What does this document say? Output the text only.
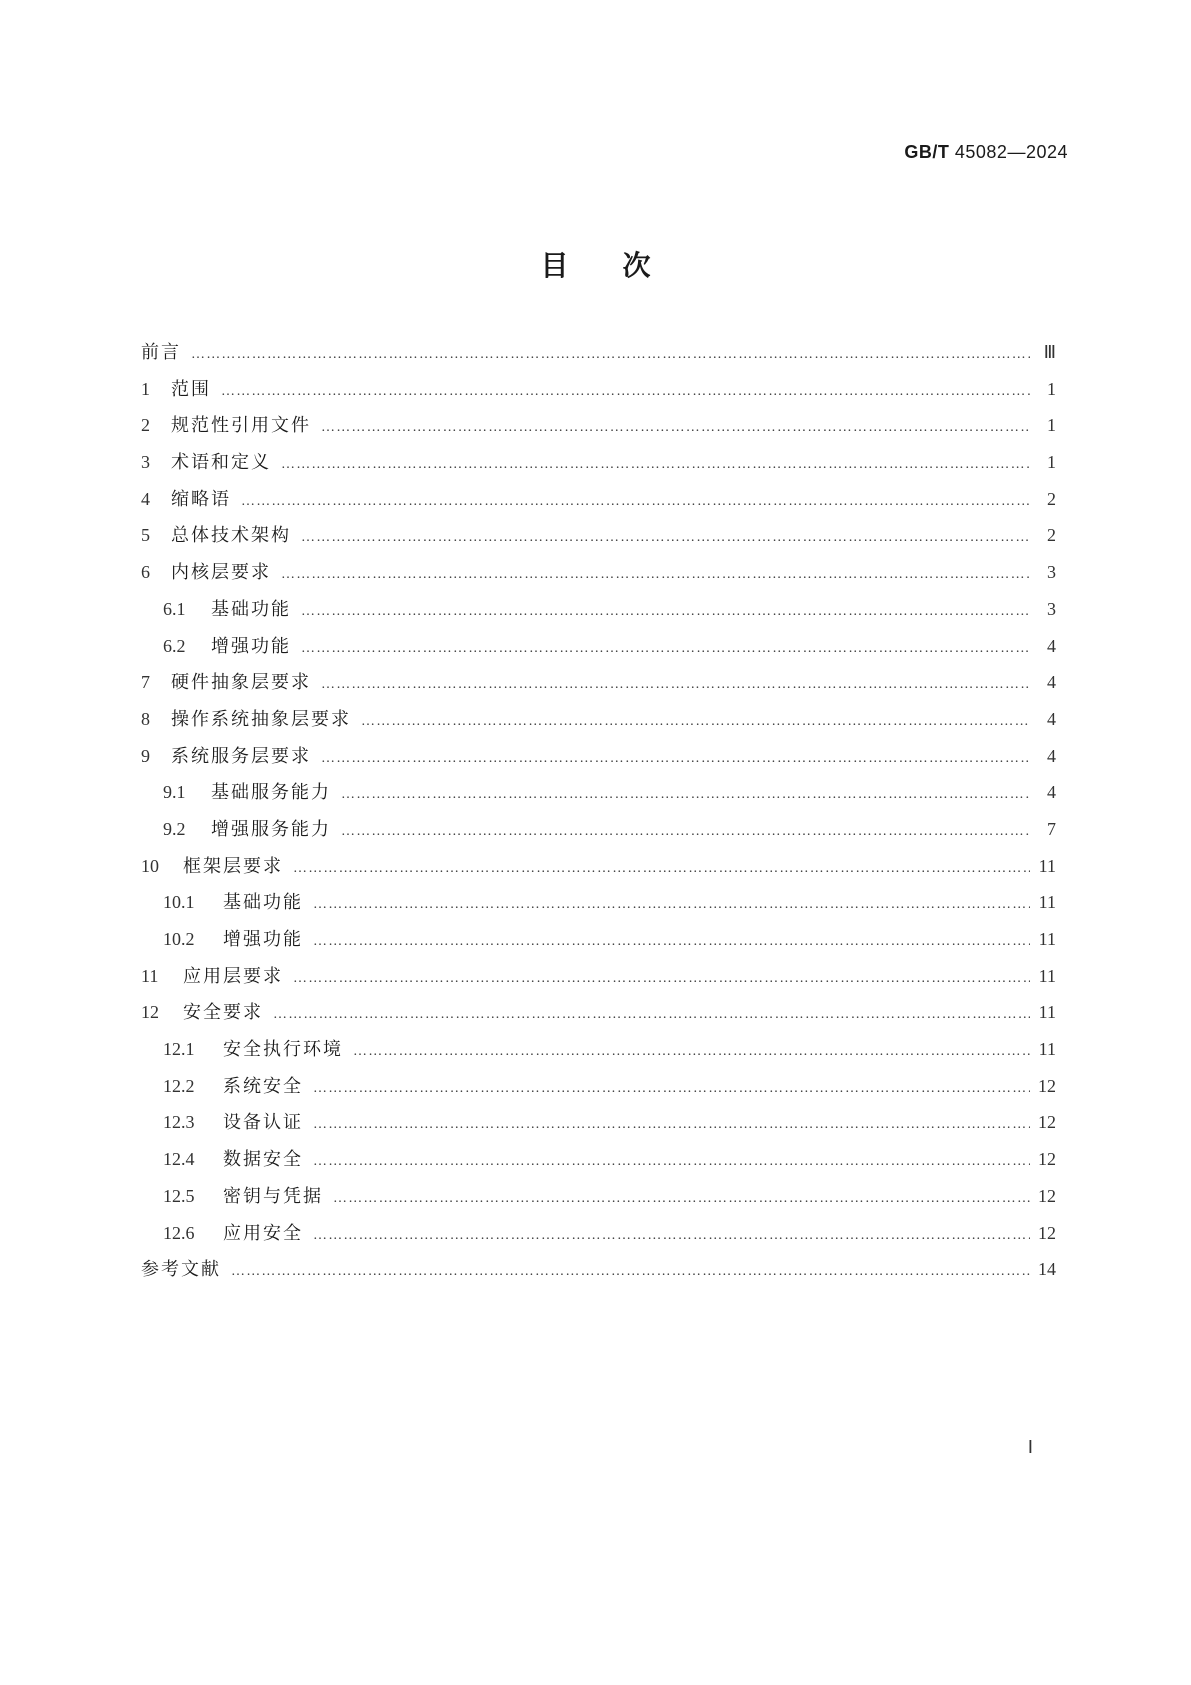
GB/T 45082—2024
目次
前言 …………………………………………………………………………………………………………………………………………………………………………………………………………………………	Ⅲ
1	范围 …………………………………………………………………………………………………………………………………………………………………………………………………………………………	1
2	规范性引用文件 …………………………………………………………………………………………………………………………………………………………………………………………………………………………	1
3	术语和定义 …………………………………………………………………………………………………………………………………………………………………………………………………………………………	1
4	缩略语 …………………………………………………………………………………………………………………………………………………………………………………………………………………………	2
5	总体技术架构 …………………………………………………………………………………………………………………………………………………………………………………………………………………………	2
6	内核层要求 …………………………………………………………………………………………………………………………………………………………………………………………………………………………	3
6.1	基础功能 …………………………………………………………………………………………………………………………………………………………………………………………………………………………	3
6.2	增强功能 …………………………………………………………………………………………………………………………………………………………………………………………………………………………	4
7	硬件抽象层要求 …………………………………………………………………………………………………………………………………………………………………………………………………………………………	4
8	操作系统抽象层要求 …………………………………………………………………………………………………………………………………………………………………………………………………………………………	4
9	系统服务层要求 …………………………………………………………………………………………………………………………………………………………………………………………………………………………	4
9.1	基础服务能力 …………………………………………………………………………………………………………………………………………………………………………………………………………………………	4
9.2	增强服务能力 …………………………………………………………………………………………………………………………………………………………………………………………………………………………	7
10	框架层要求 …………………………………………………………………………………………………………………………………………………………………………………………………………………………	11
10.1	基础功能 …………………………………………………………………………………………………………………………………………………………………………………………………………………………	11
10.2	增强功能 …………………………………………………………………………………………………………………………………………………………………………………………………………………………	11
11	应用层要求 …………………………………………………………………………………………………………………………………………………………………………………………………………………………	11
12	安全要求 …………………………………………………………………………………………………………………………………………………………………………………………………………………………	11
12.1	安全执行环境 …………………………………………………………………………………………………………………………………………………………………………………………………………………………	11
12.2	系统安全 …………………………………………………………………………………………………………………………………………………………………………………………………………………………	12
12.3	设备认证 …………………………………………………………………………………………………………………………………………………………………………………………………………………………	12
12.4	数据安全 …………………………………………………………………………………………………………………………………………………………………………………………………………………………	12
12.5	密钥与凭据 …………………………………………………………………………………………………………………………………………………………………………………………………………………………	12
12.6	应用安全 …………………………………………………………………………………………………………………………………………………………………………………………………………………………	12
参考文献 …………………………………………………………………………………………………………………………………………………………………………………………………………………………	14
Ⅰ
